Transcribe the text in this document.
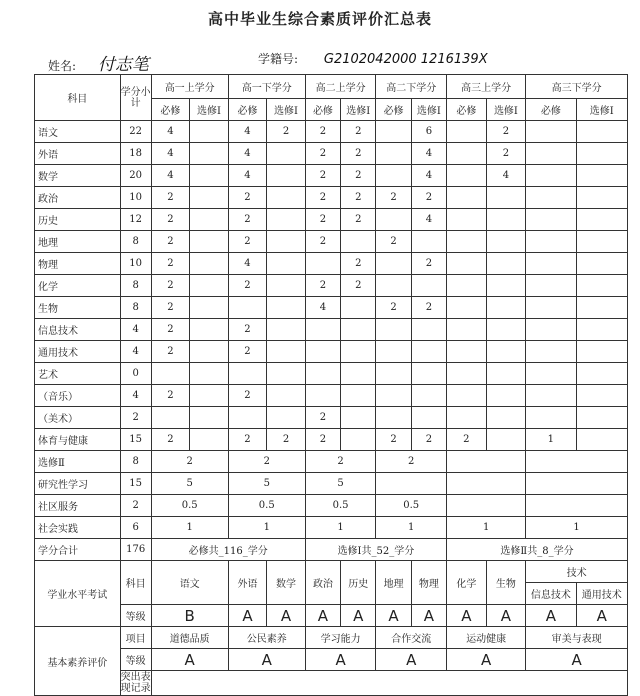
高中毕业生综合素质评价汇总表
姓名: 付志笔	学籍号: G2102042000 1216139X
科目	学分小计	高一上学分		高一下学分		高二上学分		高二下学分		高三上学分		高三下学分	
		必修	选修Ⅰ	必修	选修Ⅰ	必修	选修Ⅰ	必修	选修Ⅰ	必修	选修Ⅰ	必修	选修Ⅰ
语文	22	4		4	2	2	2		6		2		
外语	18	4		4		2	2		4		2		
数学	20	4		4		2	2		4		4		
政治	10	2		2		2	2	2	2				
历史	12	2		2		2	2		4				
地理	8	2		2		2		2					
物理	10	2		4			2		2				
化学	8	2		2		2	2						
生物	8	2				4		2	2				
信息技术	4	2		2									
通用技术	4	2		2									
艺术	0												
（音乐）	4	2		2									
（美术）	2					2							
体育与健康	15	2		2	2	2		2	2	2		1	
选修Ⅱ	8	2		2		2		2					
研究性学习	15	5		5		5							
社区服务	2	0.5		0.5		0.5		0.5					
社会实践	6	1		1		1		1		1		1	
学分合计	176	必修共_116_学分				选修Ⅰ共_52_学分				选修Ⅱ共_8_学分			
学业水平考试	科目	语文		外语	数学	政治	历史	地理	物理	化学	生物	技术	
												信息技术	通用技术
	等级	B		A	A	A	A	A	A	A	A	A	A
基本素养评价	项目	道德品质		公民素养		学习能力		合作交流		运动健康		审美与表现	
	等级	A		A		A		A		A		A	
	突出表现记录												
